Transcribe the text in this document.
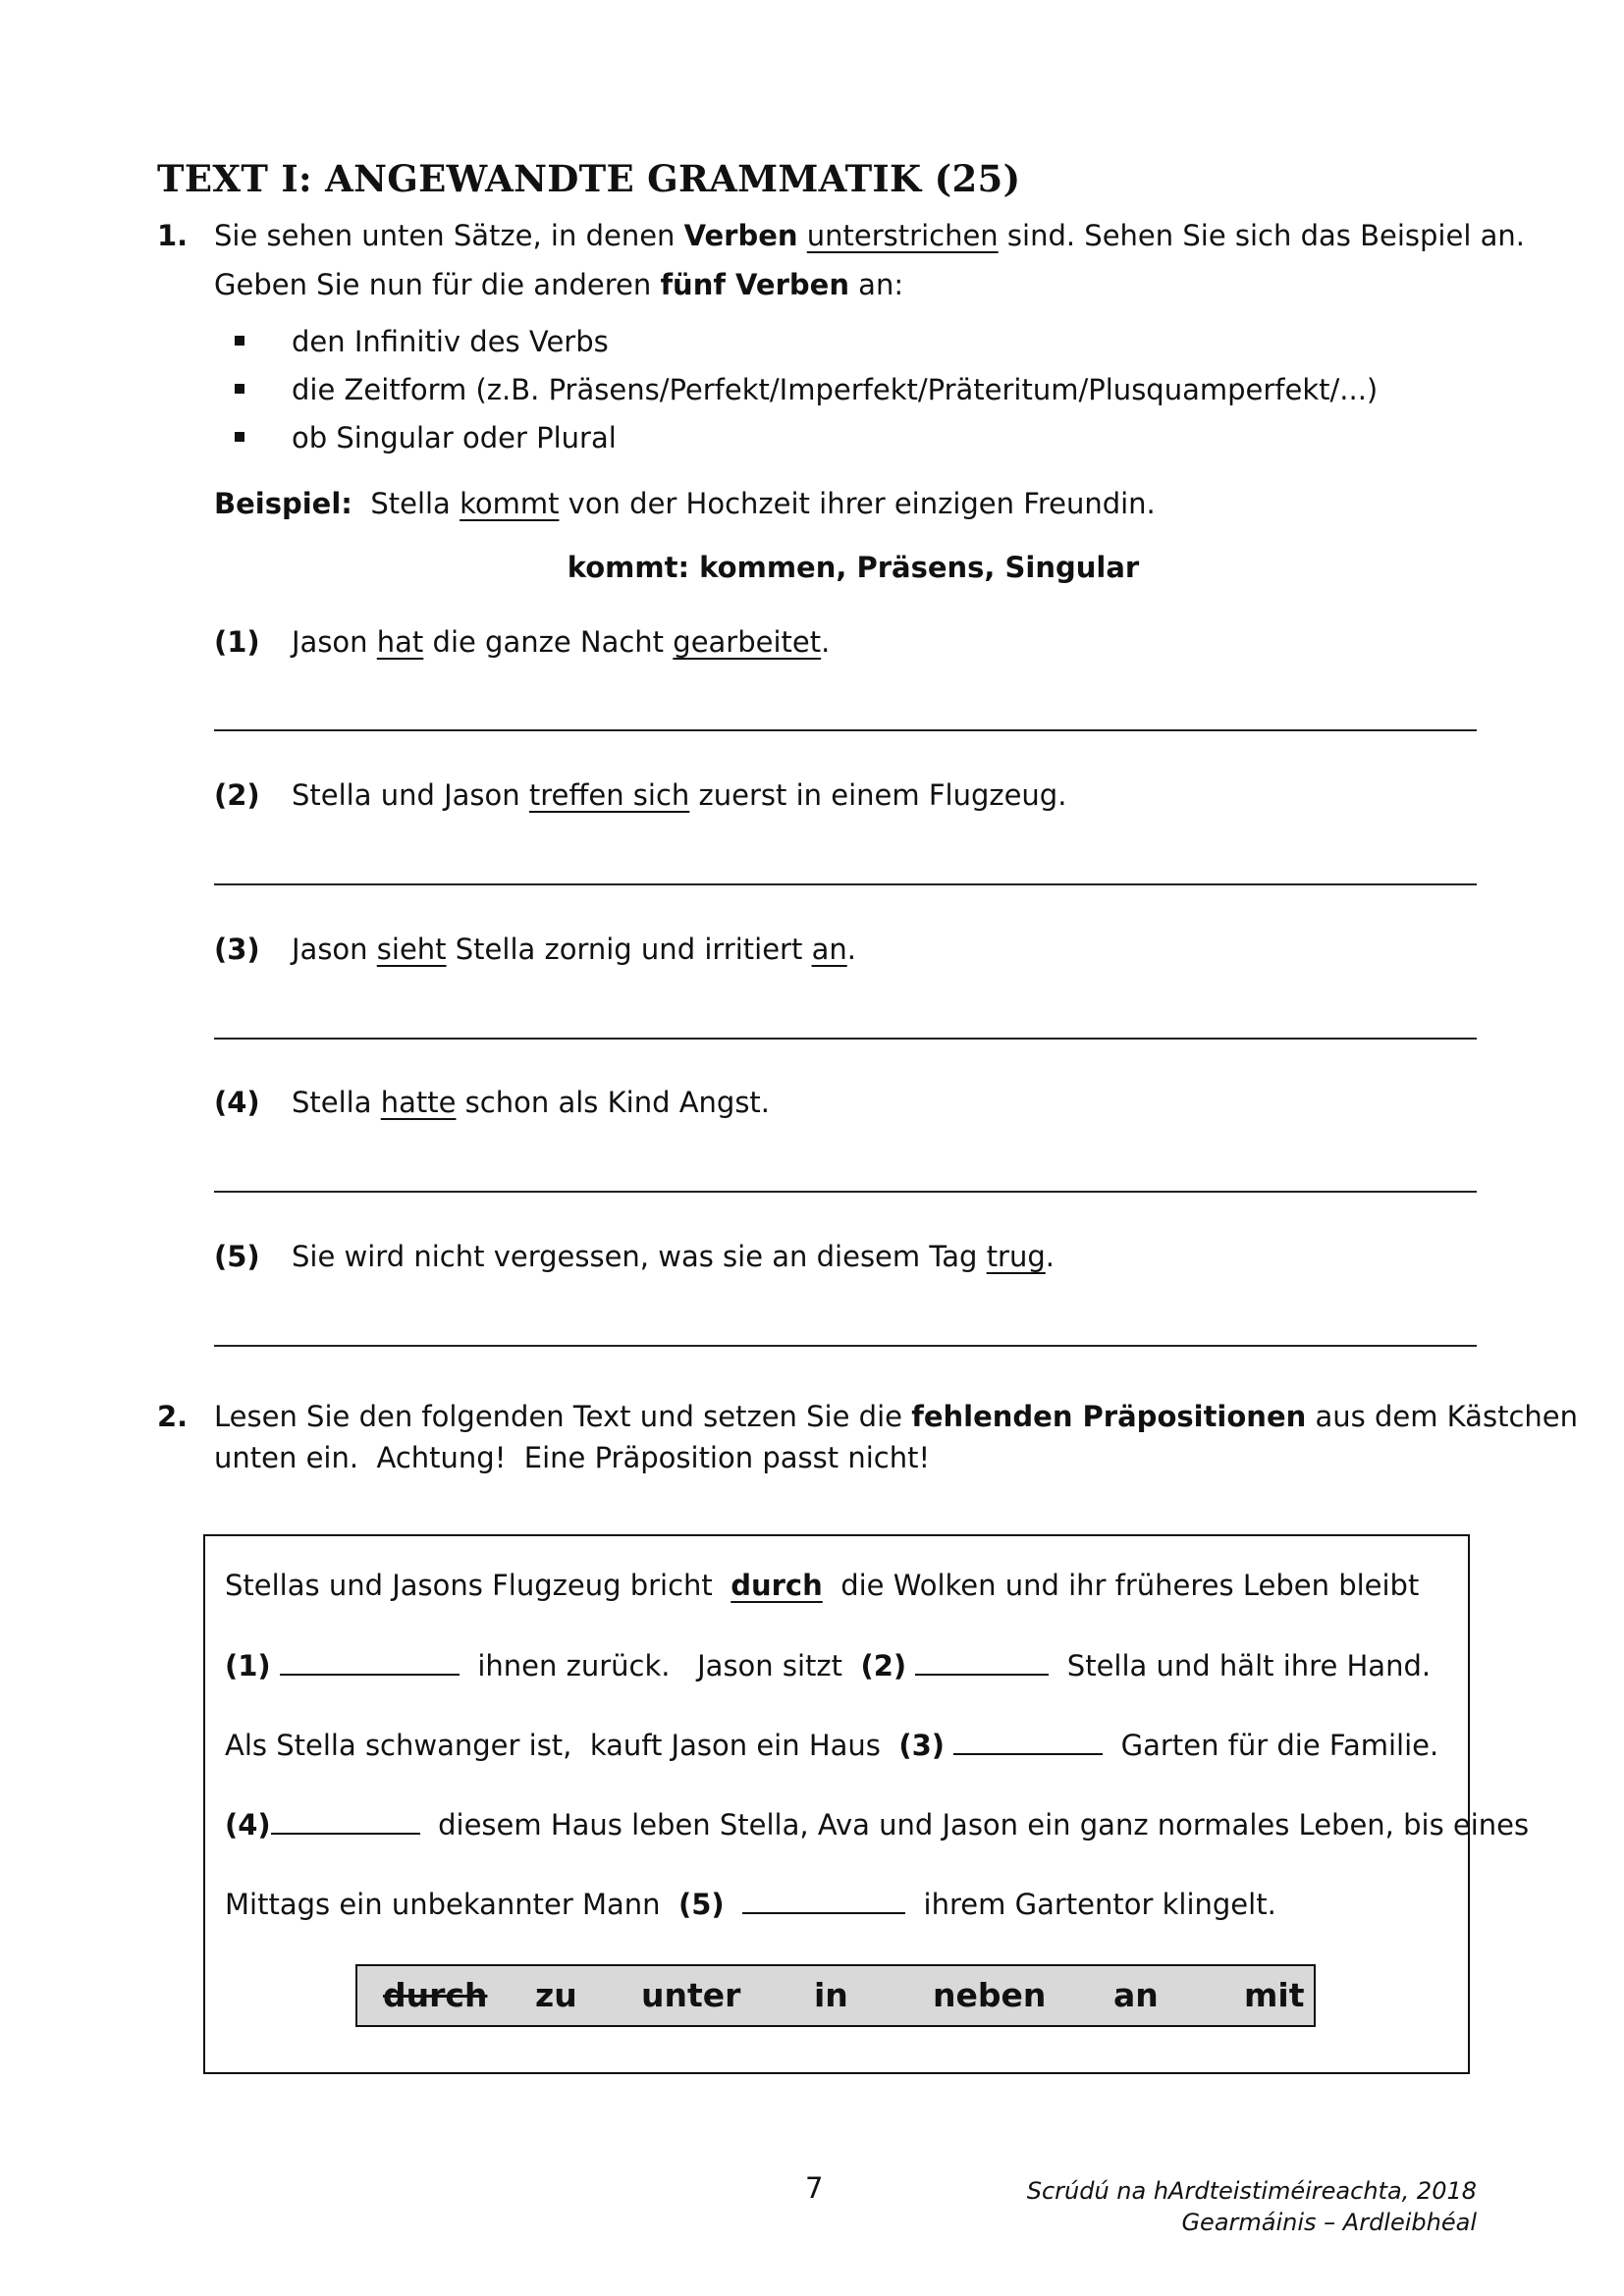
TEXT I: ANGEWANDTE GRAMMATIK (25)
1. Sie sehen unten Sätze, in denen Verben unterstrichen sind. Sehen Sie sich das Beispiel an.
Geben Sie nun für die anderen fünf Verben an:
den Infinitiv des Verbs
die Zeitform (z.B. Präsens/Perfekt/Imperfekt/Präteritum/Plusquamperfekt/...)
ob Singular oder Plural
Beispiel:  Stella kommt von der Hochzeit ihrer einzigen Freundin.
kommt: kommen, Präsens, Singular
(1) Jason hat die ganze Nacht gearbeitet.
(2) Stella und Jason treffen sich zuerst in einem Flugzeug.
(3) Jason sieht Stella zornig und irritiert an.
(4) Stella hatte schon als Kind Angst.
(5) Sie wird nicht vergessen, was sie an diesem Tag trug.
2. Lesen Sie den folgenden Text und setzen Sie die fehlenden Präpositionen aus dem Kästchen
unten ein.  Achtung!  Eine Präposition passt nicht!
Stellas und Jasons Flugzeug bricht  durch  die Wolken und ihr früheres Leben bleibt
(1)	ihnen zurück.   Jason sitzt  (2)	Stella und hält ihre Hand.
Als Stella schwanger ist,  kauft Jason ein Haus  (3)	Garten für die Familie.
(4)	diesem Haus leben Stella, Ava und Jason ein ganz normales Leben, bis eines
Mittags ein unbekannter Mann  (5)	ihrem Gartentor klingelt.
durch zu unter in	neben an	mit
7	Scrúdú na hArdteistiméireachta, 2018
Gearmáinis – Ardleibhéal
